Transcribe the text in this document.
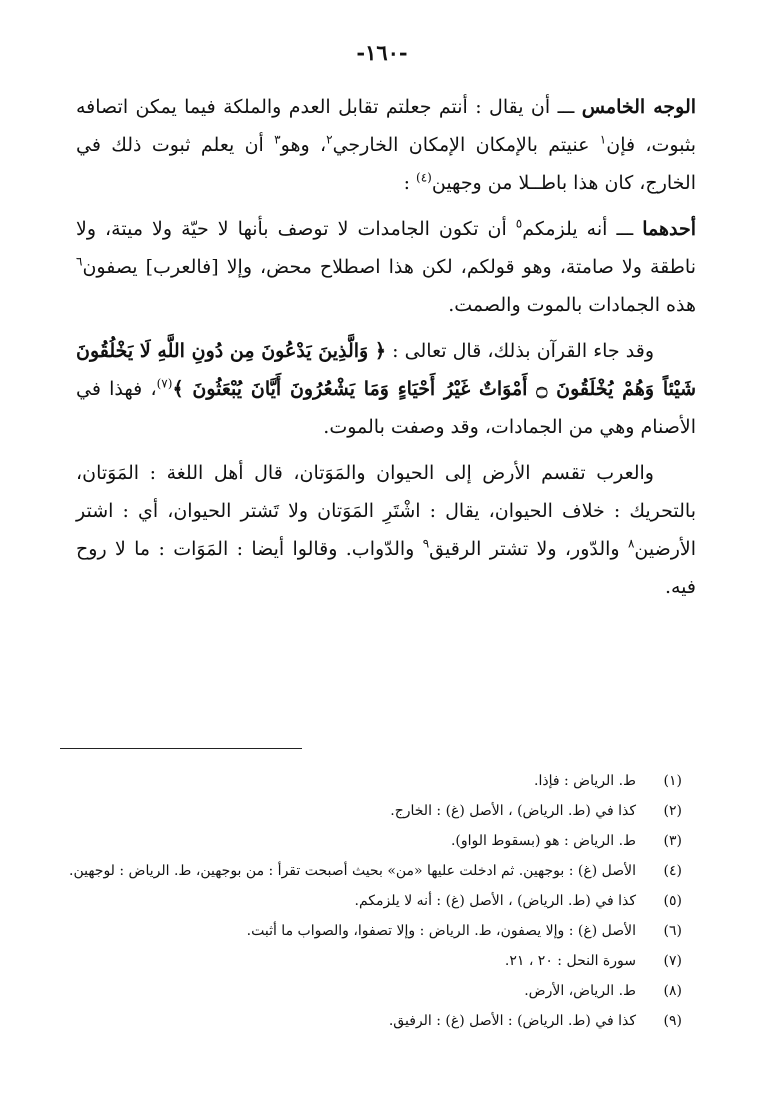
-١٦٠-

الوجه الخامس ـــ أن يقال : أنتم جعلتم تقابل العدم والملكة فيما يمكن اتصافه بثبوت، فإن$^١$ عنيتم بالإمكان الإمكان الخارجي$^٢$، وهو$^٣$ أن يعلم ثبوت ذلك في الخارج، كان هذا باطــلا من وجهين$^{(٤)}$ :

أحدهما ـــ أنه يلزمكم$^٥$ أن تكون الجامدات لا توصف بأنها لا حيّة ولا ميتة، ولا ناطقة ولا صامتة، وهو قولكم، لكن هذا اصطلاح محض، وإلا [فالعرب] يصفون$^٦$ هذه الجمادات بالموت والصمت.

وقد جاء القرآن بذلك، قال تعالى : ﴿ وَالَّذِينَ يَدْعُونَ مِن دُونِ اللَّهِ لَا يَخْلُقُونَ شَيْئاً وَهُمْ يُخْلَقُونَ ۝ أَمْوَاتٌ غَيْرُ أَحْيَاءٍ وَمَا يَشْعُرُونَ أَيَّانَ يُبْعَثُونَ ﴾$^{(٧)}$، فهذا في الأصنام وهي من الجمادات، وقد وصفت بالموت.

والعرب تقسم الأرض إلى الحيوان والمَوَتان، قال أهل اللغة : المَوَتان، بالتحريك : خلاف الحيوان، يقال : اشْتَرِ المَوَتان ولا تَشتر الحيوان، أي : اشتر الأرضين$^٨$ والدّور، ولا تشتر الرقيق$^٩$ والدّواب. وقالوا أيضا : المَوَات : ما لا روح فيه.

(١)
ط. الرياض : فإذا.
(٢)
كذا في (ط. الرياض) ، الأصل (غ) : الخارج.
(٣)
ط. الرياض : هو (بسقوط الواو).
(٤)
الأصل (غ) : بوجهين. ثم ادخلت عليها «من» بحيث أصبحت تقرأ : من بوجهين، ط. الرياض : لوجهين.
(٥)
كذا في (ط. الرياض) ، الأصل (غ) : أنه لا يلزمكم.
(٦)
الأصل (غ) : وإلا يصفون، ط. الرياض : وإلا تصفوا، والصواب ما أثبت.
(٧)
سورة النحل : ٢٠ ، ٢١.
(٨)
ط. الرياض، الأرض.
(٩)
كذا في (ط. الرياض) : الأصل (غ) : الرفيق.
